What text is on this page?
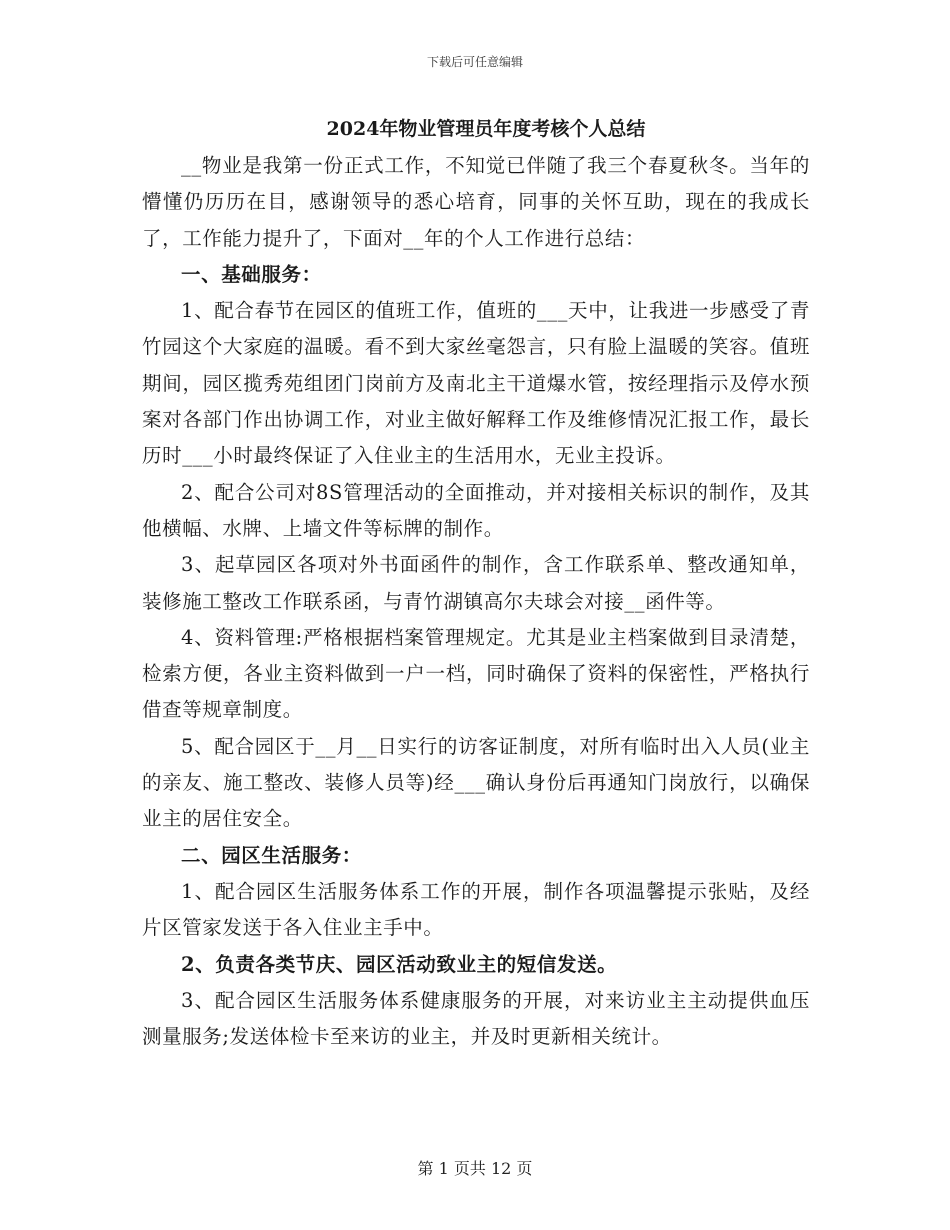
下载后可任意编辑

2024年物业管理员年度考核个人总结

__物业是我第一份正式工作，不知觉已伴随了我三个春夏秋冬。当年的懵懂仍历历在目，感谢领导的悉心培育，同事的关怀互助，现在的我成长了，工作能力提升了，下面对__年的个人工作进行总结：

一、基础服务：

1、配合春节在园区的值班工作，值班的___天中，让我进一步感受了青竹园这个大家庭的温暖。看不到大家丝毫怨言，只有脸上温暖的笑容。值班期间，园区揽秀苑组团门岗前方及南北主干道爆水管，按经理指示及停水预案对各部门作出协调工作，对业主做好解释工作及维修情况汇报工作，最长历时___小时最终保证了入住业主的生活用水，无业主投诉。

2、配合公司对8S管理活动的全面推动，并对接相关标识的制作，及其他横幅、水牌、上墙文件等标牌的制作。

3、起草园区各项对外书面函件的制作，含工作联系单、整改通知单，装修施工整改工作联系函，与青竹湖镇高尔夫球会对接__函件等。

4、资料管理:严格根据档案管理规定。尤其是业主档案做到目录清楚，检索方便，各业主资料做到一户一档，同时确保了资料的保密性，严格执行借查等规章制度。

5、配合园区于__月__日实行的访客证制度，对所有临时出入人员(业主的亲友、施工整改、装修人员等)经___确认身份后再通知门岗放行，以确保业主的居住安全。

二、园区生活服务：

1、配合园区生活服务体系工作的开展，制作各项温馨提示张贴，及经片区管家发送于各入住业主手中。

2、负责各类节庆、园区活动致业主的短信发送。

3、配合园区生活服务体系健康服务的开展，对来访业主主动提供血压测量服务;发送体检卡至来访的业主，并及时更新相关统计。

第 1 页共 12 页
